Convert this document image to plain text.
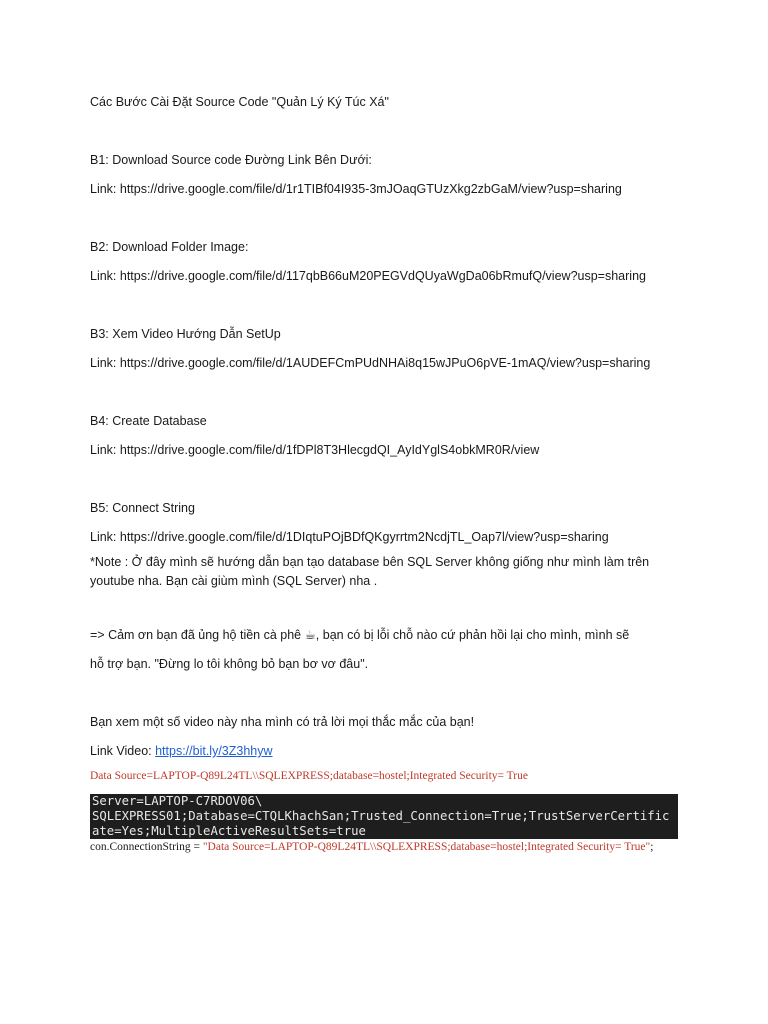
Các Bước Cài Đặt Source Code "Quản Lý Ký Túc Xá"

B1: Download Source code Đường Link Bên Dưới:

Link: https://drive.google.com/file/d/1r1TIBf04I935-3mJOaqGTUzXkg2zbGaM/view?usp=sharing

B2: Download Folder Image:

Link: https://drive.google.com/file/d/117qbB66uM20PEGVdQUyaWgDa06bRmufQ/view?usp=sharing

B3: Xem Video Hướng Dẫn SetUp

Link: https://drive.google.com/file/d/1AUDEFCmPUdNHAi8q15wJPuO6pVE-1mAQ/view?usp=sharing

B4: Create Database

Link: https://drive.google.com/file/d/1fDPl8T3HlecgdQI_AyIdYglS4obkMR0R/view

B5: Connect String

Link: https://drive.google.com/file/d/1DIqtuPOjBDfQKgyrrtm2NcdjTL_Oap7l/view?usp=sharing

*Note : Ở đây mình sẽ hướng dẫn bạn tạo database bên SQL Server không giống như mình làm trên youtube nha. Bạn cài giùm mình (SQL Server) nha .

=> Cảm ơn bạn đã ủng hộ tiền cà phê ☕, bạn có bị lỗi chỗ nào cứ phản hồi lại cho mình, mình sẽ

hỗ trợ bạn. "Đừng lo tôi không bỏ bạn bơ vơ đâu".

Bạn xem một số video này nha mình có trả lời mọi thắc mắc của bạn!

Link Video: https://bit.ly/3Z3hhyw

Data Source=LAPTOP-Q89L24TL\\SQLEXPRESS;database=hostel;Integrated Security= True

Server=LAPTOP-C7RDOV06\
SQLEXPRESS01;Database=CTQLKhachSan;Trusted_Connection=True;TrustServerCertificate=Yes;MultipleActiveResultSets=true

con.ConnectionString = "Data Source=LAPTOP-Q89L24TL\\SQLEXPRESS;database=hostel;Integrated Security= True";
